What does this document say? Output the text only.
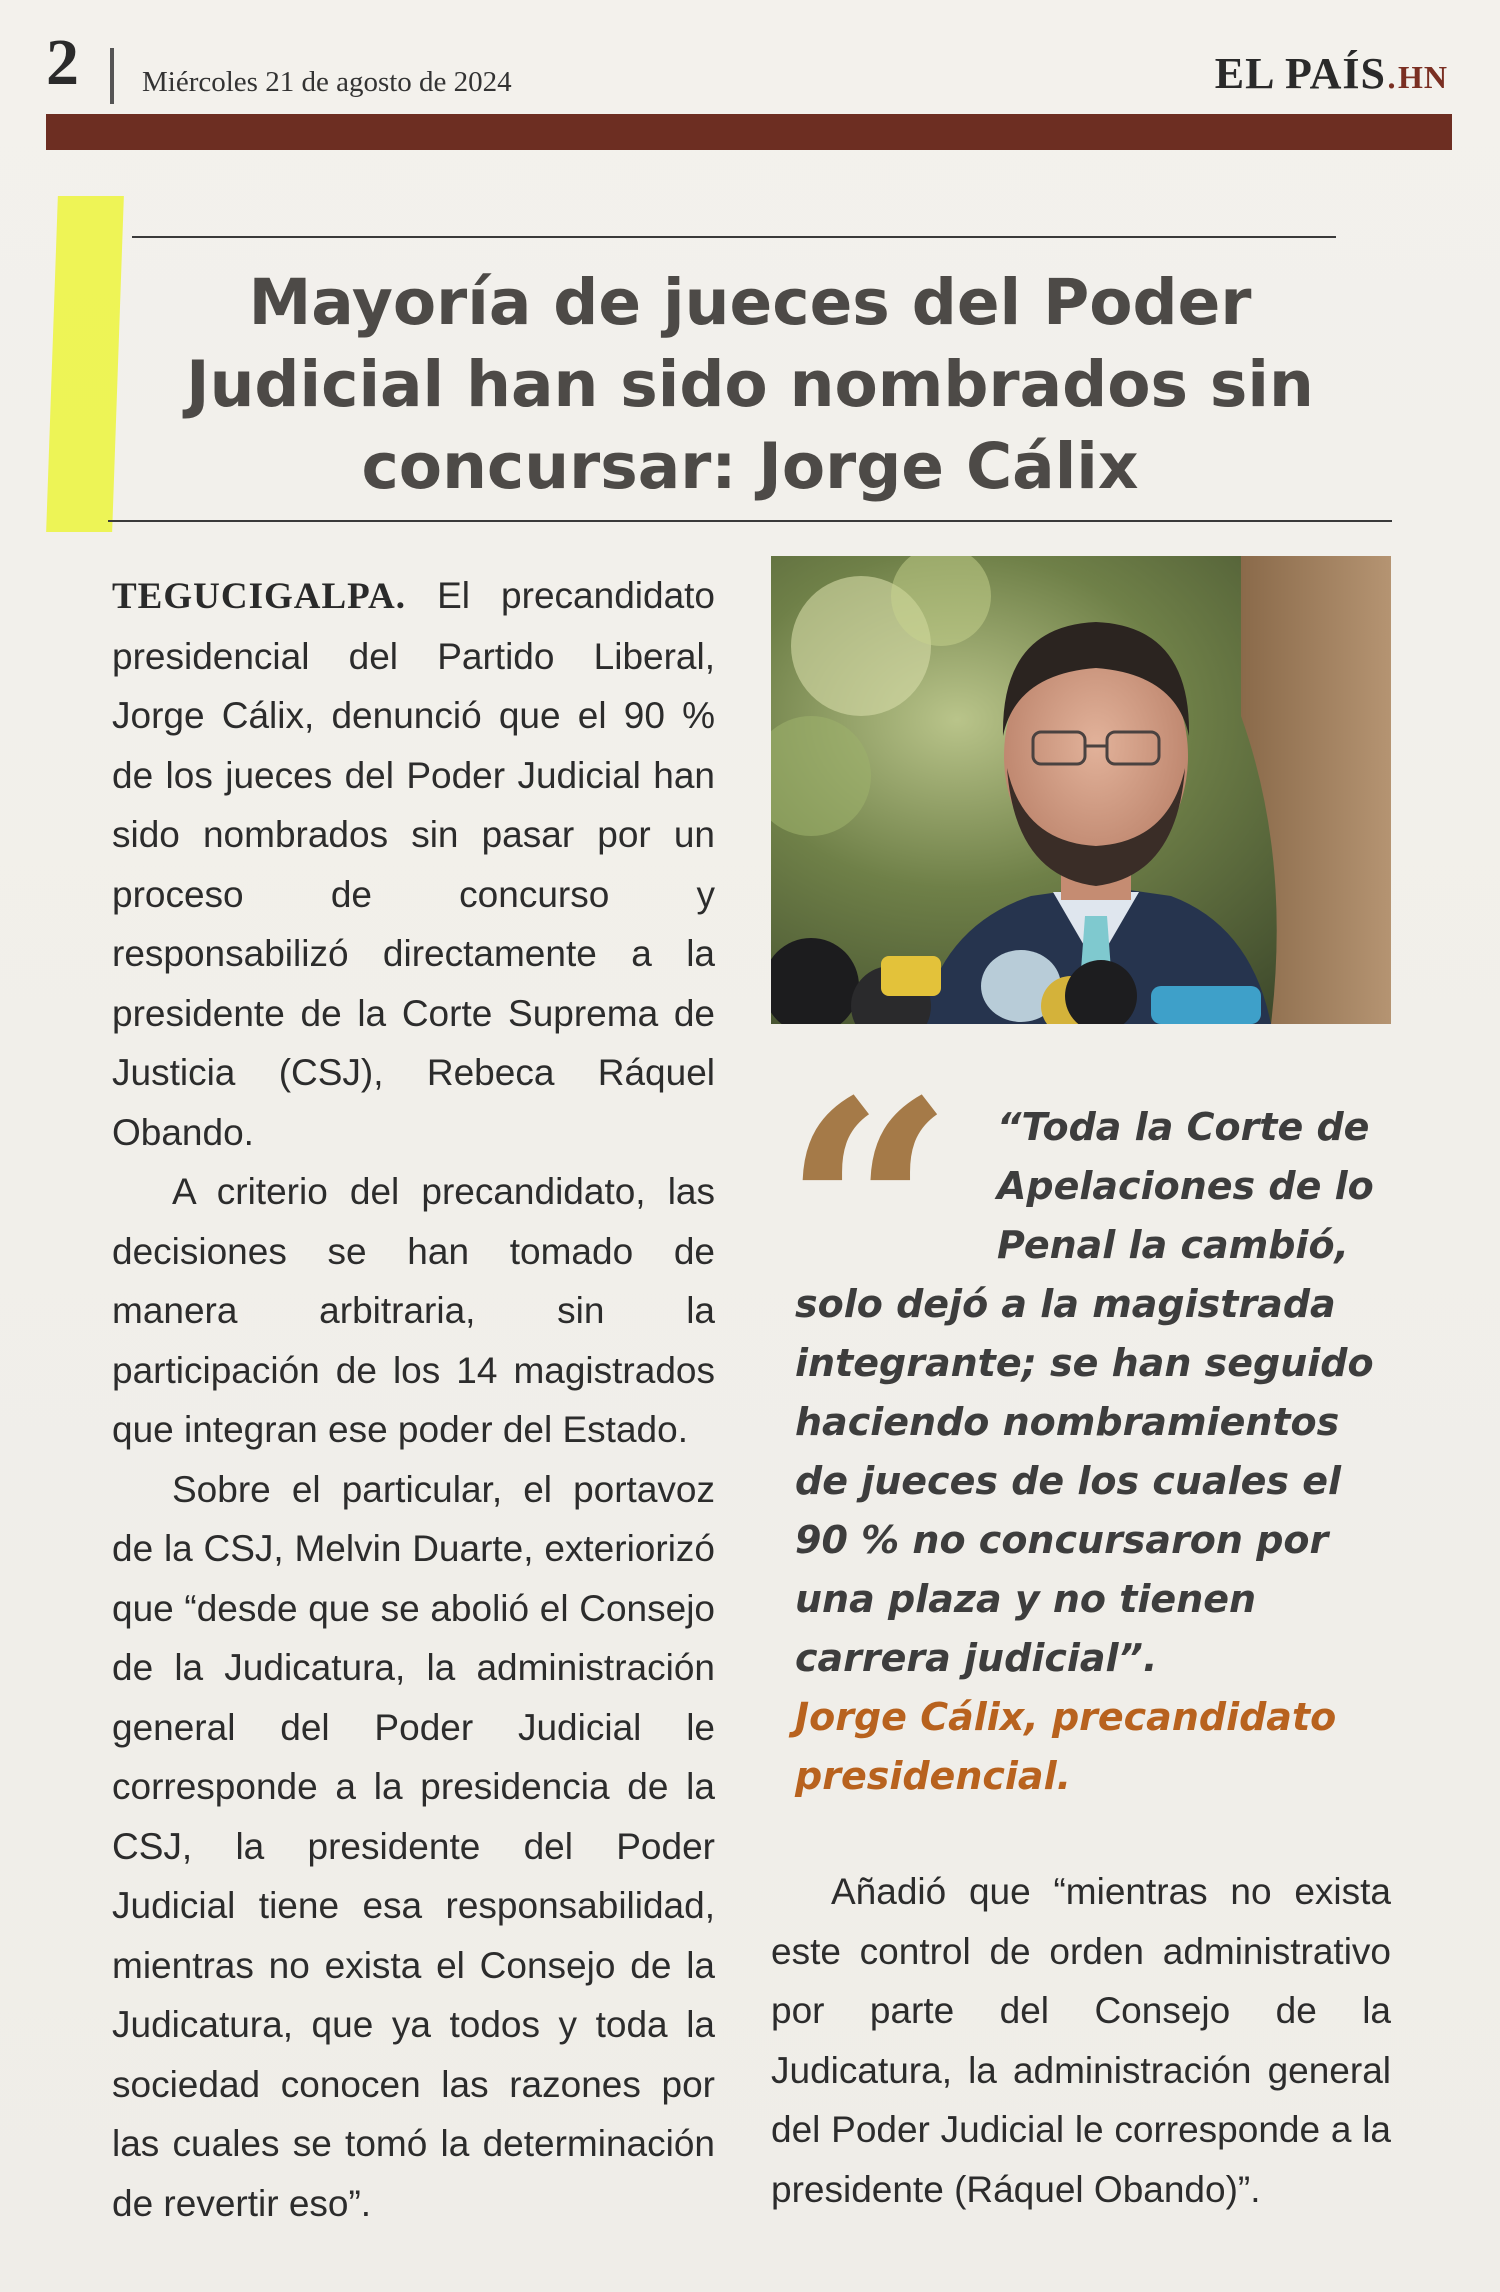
2 Miércoles 21 de agosto de 2024	EL PAÍS.HN
Mayoría de jueces del Poder Judicial han sido nombrados sin concursar: Jorge Cálix

TEGUCIGALPA. El precandidato presidencial del Partido Liberal, Jorge Cálix, denunció que el 90 % de los jueces del Poder Judicial han sido nombrados sin pasar por un proceso de concurso y responsabilizó directamente a la presidente de la Corte Suprema de Justicia (CSJ), Rebeca Ráquel Obando.

A criterio del precandidato, las decisiones se han tomado de manera arbitraria, sin la participación de los 14 magistrados que integran ese poder del Estado.

Sobre el particular, el portavoz de la CSJ, Melvin Duarte, exteriorizó que “desde que se abolió el Consejo de la Judicatura, la administración general del Poder Judicial le corresponde a la presidencia de la CSJ, la presidente del Poder Judicial tiene esa responsabilidad, mientras no exista el Consejo de la Judicatura, que ya todos y toda la sociedad conocen las razones por las cuales se tomó la determinación de revertir eso”.

“	“Toda la Corte de Apelaciones de lo Penal la cambió,
solo dejó a la magistrada integrante; se han seguido haciendo nombramientos de jueces de los cuales el 90 % no concursaron por una plaza y no tienen carrera judicial”.
Jorge Cálix, precandidato presidencial.

Añadió que “mientras no exista este control de orden administrativo por parte del Consejo de la Judicatura, la administración general del Poder Judicial le corresponde a la presidente (Ráquel Obando)”.
